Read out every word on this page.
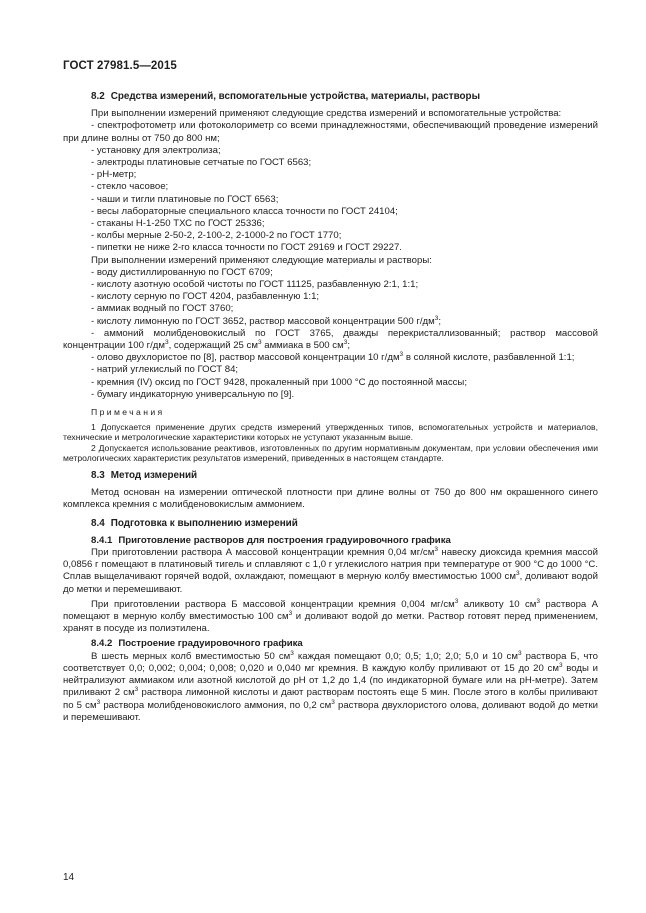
ГОСТ 27981.5—2015

8.2 Средства измерений, вспомогательные устройства, материалы, растворы

При выполнении измерений применяют следующие средства измерений и вспомогательные устройства:

- спектрофотометр или фотоколориметр со всеми принадлежностями, обеспечивающий проведение измерений при длине волны от 750 до 800 нм;

- установку для электролиза;

- электроды платиновые сетчатые по ГОСТ 6563;

- рН-метр;

- стекло часовое;

- чаши и тигли платиновые по ГОСТ 6563;

- весы лабораторные специального класса точности по ГОСТ 24104;

- стаканы Н-1-250 ТХС по ГОСТ 25336;

- колбы мерные 2-50-2, 2-100-2, 2-1000-2 по ГОСТ 1770;

- пипетки не ниже 2-го класса точности по ГОСТ 29169 и ГОСТ 29227.

При выполнении измерений применяют следующие материалы и растворы:

- воду дистиллированную по ГОСТ 6709;

- кислоту азотную особой чистоты по ГОСТ 11125, разбавленную 2:1, 1:1;

- кислоту серную по ГОСТ 4204, разбавленную 1:1;

- аммиак водный по ГОСТ 3760;

- кислоту лимонную по ГОСТ 3652, раствор массовой концентрации 500 $г/дм^3$;

- аммоний молибденовокислый по ГОСТ 3765, дважды перекристаллизованный; раствор массовой концентрации 100 $г/дм^3$, содержащий 25 $см^3$ аммиака в 500 $см^3$;

- олово двухлористое по [8], раствор массовой концентрации 10 $г/дм^3$ в соляной кислоте, разбавленной 1:1;

- натрий углекислый по ГОСТ 84;

- кремния (IV) оксид по ГОСТ 9428, прокаленный при 1000 °С до постоянной массы;

- бумагу индикаторную универсальную по [9].

Примечания

1 Допускается применение других средств измерений утвержденных типов, вспомогательных устройств и материалов, технические и метрологические характеристики которых не уступают указанным выше.

2 Допускается использование реактивов, изготовленных по другим нормативным документам, при условии обеспечения ими метрологических характеристик результатов измерений, приведенных в настоящем стандарте.

8.3 Метод измерений

Метод основан на измерении оптической плотности при длине волны от 750 до 800 нм окрашенного синего комплекса кремния с молибденовокислым аммонием.

8.4 Подготовка к выполнению измерений

8.4.1 Приготовление растворов для построения градуировочного графика

При приготовлении раствора А массовой концентрации кремния 0,04 $мг/см^3$ навеску диоксида кремния массой 0,0856 г помещают в платиновый тигель и сплавляют с 1,0 г углекислого натрия при температуре от 900 °С до 1000 °С. Сплав выщелачивают горячей водой, охлаждают, помещают в мерную колбу вместимостью 1000 $см^3$, доливают водой до метки и перемешивают.

При приготовлении раствора Б массовой концентрации кремния 0,004 $мг/см^3$ аликвоту 10 $см^3$ раствора А помещают в мерную колбу вместимостью 100 $см^3$ и доливают водой до метки. Раствор готовят перед применением, хранят в посуде из полиэтилена.

8.4.2 Построение градуировочного графика

В шесть мерных колб вместимостью 50 $см^3$ каждая помещают 0,0; 0,5; 1,0; 2,0; 5,0 и 10 $см^3$ раствора Б, что соответствует 0,0; 0,002; 0,004; 0,008; 0,020 и 0,040 мг кремния. В каждую колбу приливают от 15 до 20 $см^3$ воды и нейтрализуют аммиаком или азотной кислотой до рН от 1,2 до 1,4 (по индикаторной бумаге или на рН-метре). Затем приливают 2 $см^3$ раствора лимонной кислоты и дают растворам постоять еще 5 мин. После этого в колбы приливают по 5 $см^3$ раствора молибденовокислого аммония, по 0,2 $см^3$ раствора двухлористого олова, доливают водой до метки и перемешивают.

14
